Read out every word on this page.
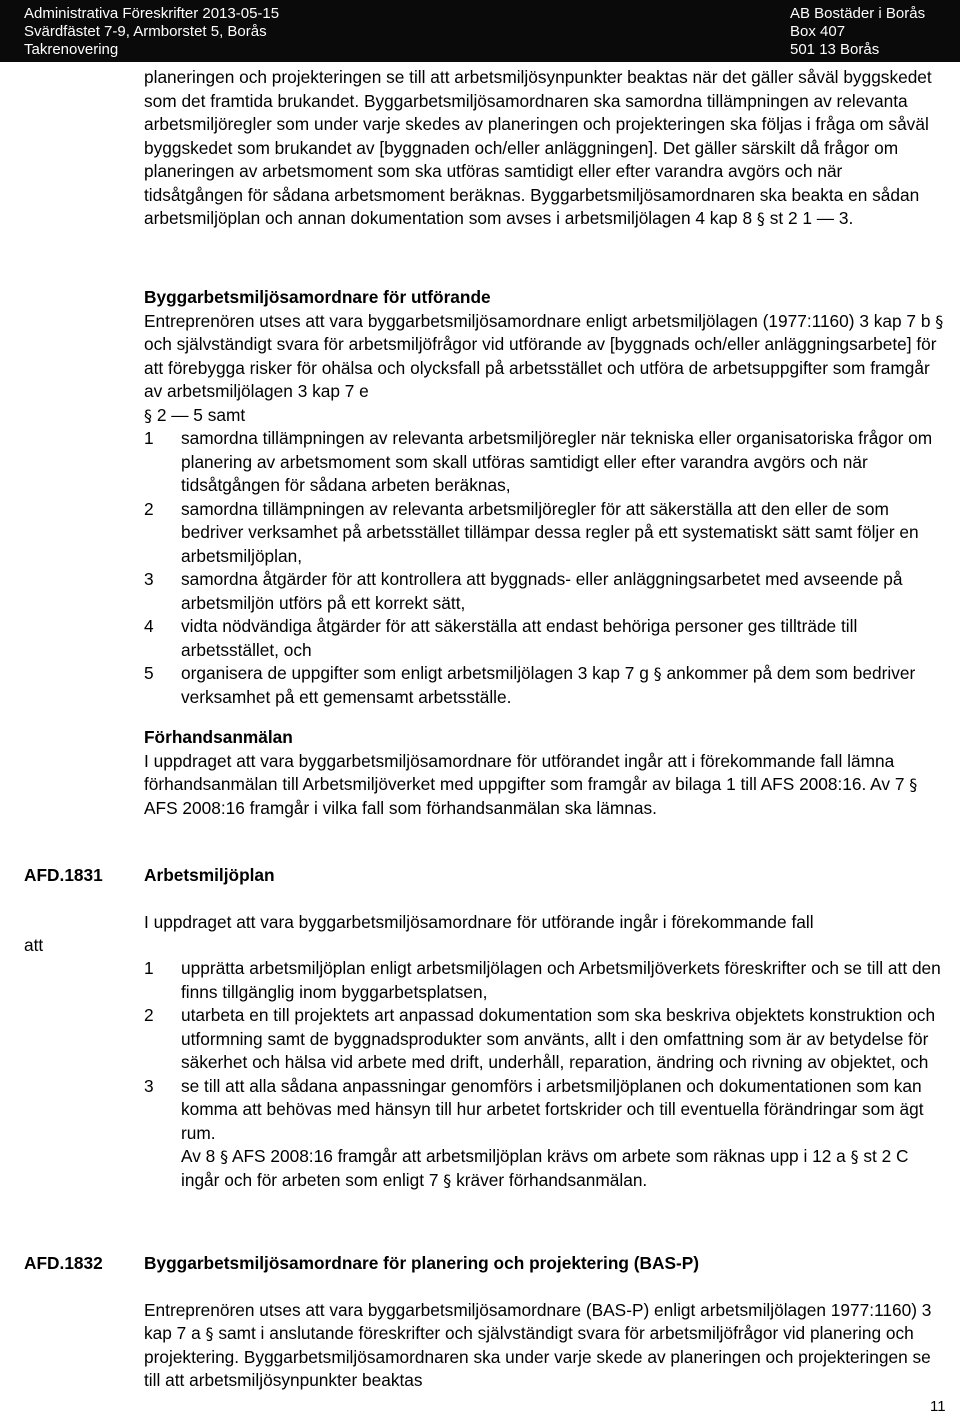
Administrativa Föreskrifter 2013-05-15
Svärdfästet 7-9, Armborstet 5, Borås
Takrenovering
AB Bostäder i Borås
Box 407
501 13 Borås

planeringen och projekteringen se till att arbetsmiljösynpunkter beaktas när det gäller såväl byggskedet som det framtida brukandet. Byggarbetsmiljösamordnaren ska samordna tillämpningen av relevanta arbetsmiljöregler som under varje skedes av planeringen och projekteringen ska följas i fråga om såväl byggskedet som brukandet av [byggnaden och/eller anläggningen]. Det gäller särskilt då frågor om planeringen av arbetsmoment som ska utföras samtidigt eller efter varandra avgörs och när tidsåtgången för sådana arbetsmoment beräknas. Byggarbetsmiljösamordnaren ska beakta en sådan arbetsmiljöplan och annan dokumentation som avses i arbetsmiljölagen 4 kap 8 § st 2 1 — 3.

Byggarbetsmiljösamordnare för utförande

Entreprenören utses att vara byggarbetsmiljösamordnare enligt arbetsmiljölagen (1977:1160) 3 kap 7 b § och självständigt svara för arbetsmiljöfrågor vid utförande av [byggnads och/eller anläggningsarbete] för att förebygga risker för ohälsa och olycksfall på arbetsstället och utföra de arbetsuppgifter som framgår av arbetsmiljölagen 3 kap 7 e
§ 2 — 5 samt

1 samordna tillämpningen av relevanta arbetsmiljöregler när tekniska eller organisatoriska frågor om planering av arbetsmoment som skall utföras samtidigt eller efter varandra avgörs och när tidsåtgången för sådana arbeten beräknas,
2 samordna tillämpningen av relevanta arbetsmiljöregler för att säkerställa att den eller de som bedriver verksamhet på arbetsstället tillämpar dessa regler på ett systematiskt sätt samt följer en arbetsmiljöplan,
3 samordna åtgärder för att kontrollera att byggnads- eller anläggningsarbetet med avseende på arbetsmiljön utförs på ett korrekt sätt,
4 vidta nödvändiga åtgärder för att säkerställa att endast behöriga personer ges tillträde till arbetsstället, och
5 organisera de uppgifter som enligt arbetsmiljölagen 3 kap 7 g § ankommer på dem som bedriver verksamhet på ett gemensamt arbetsställe.

Förhandsanmälan

I uppdraget att vara byggarbetsmiljösamordnare för utförandet ingår att i förekommande fall lämna förhandsanmälan till Arbetsmiljöverket med uppgifter som framgår av bilaga 1 till AFS 2008:16. Av 7 § AFS 2008:16 framgår i vilka fall som förhandsanmälan ska lämnas.

AFD.1831
att

Arbetsmiljöplan

I uppdraget att vara byggarbetsmiljösamordnare för utförande ingår i förekommande fall

1 upprätta arbetsmiljöplan enligt arbetsmiljölagen och Arbetsmiljöverkets föreskrifter och se till att den finns tillgänglig inom byggarbetsplatsen,
2 utarbeta en till projektets art anpassad dokumentation som ska beskriva objektets konstruktion och utformning samt de byggnadsprodukter som använts, allt i den omfattning som är av betydelse för säkerhet och hälsa vid arbete med drift, underhåll, reparation, ändring och rivning av objektet, och
3 se till att alla sådana anpassningar genomförs i arbetsmiljöplanen och dokumentationen som kan komma att behövas med hänsyn till hur arbetet fortskrider och till eventuella förändringar som ägt rum.
Av 8 § AFS 2008:16 framgår att arbetsmiljöplan krävs om arbete som räknas upp i 12 a § st 2 C ingår och för arbeten som enligt 7 § kräver förhandsanmälan.
AFD.1832 Byggarbetsmiljösamordnare för planering och projektering (BAS-P)

Entreprenören utses att vara byggarbetsmiljösamordnare (BAS-P) enligt arbetsmiljölagen 1977:1160) 3 kap 7 a § samt i anslutande föreskrifter och självständigt svara för arbetsmiljöfrågor vid planering och projektering. Byggarbetsmiljösamordnaren ska under varje skede av planeringen och projekteringen se till att arbetsmiljösynpunkter beaktas

11
